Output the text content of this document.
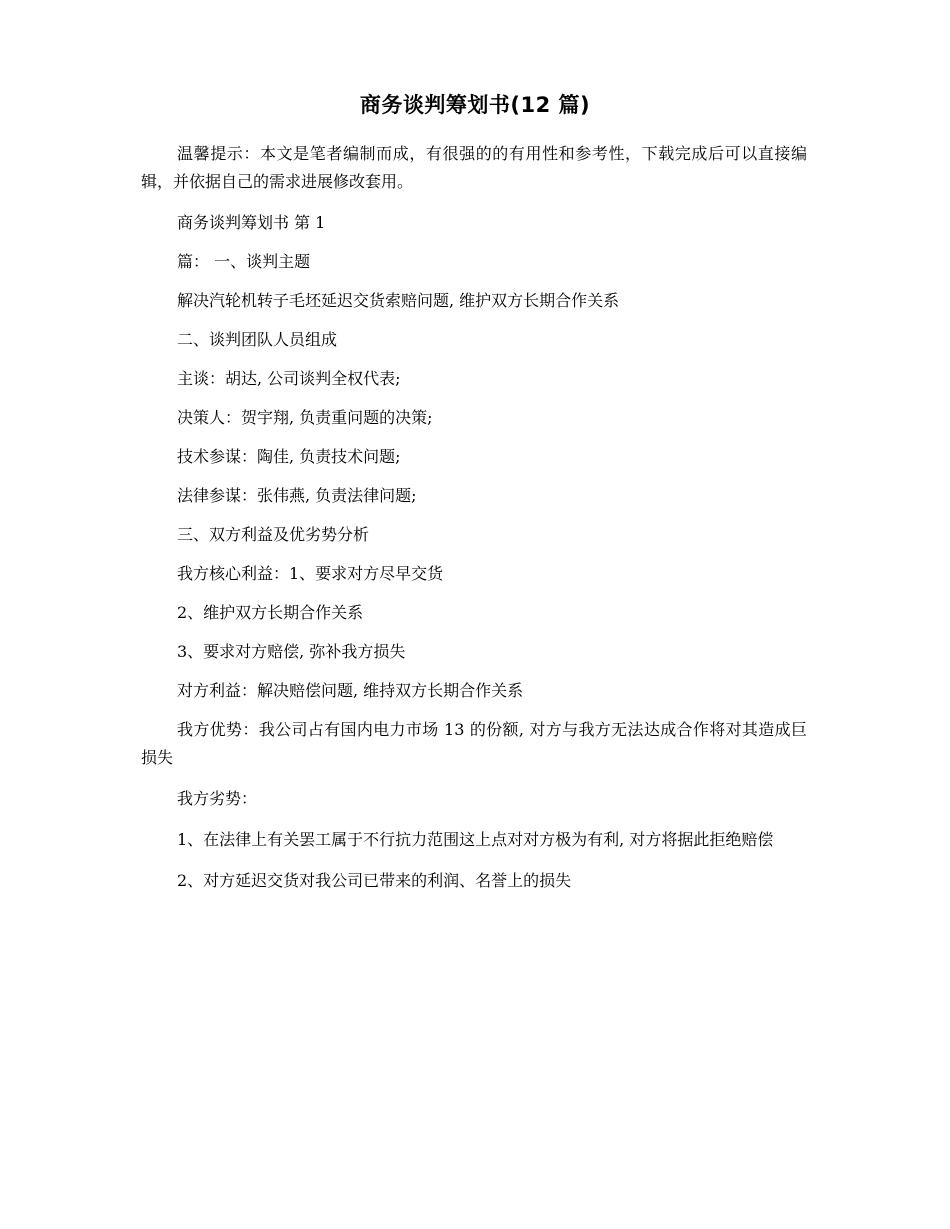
商务谈判筹划书(12 篇)

温馨提示：本文是笔者编制而成，有很强的的有用性和参考性，下载完成后可以直接编辑，并依据自己的需求进展修改套用。

商务谈判筹划书 第 1

篇： 一、谈判主题

解决汽轮机转子毛坯延迟交货索赔问题, 维护双方长期合作关系

二、谈判团队人员组成

主谈：胡达, 公司谈判全权代表;

决策人：贺宇翔, 负责重问题的决策;

技术参谋：陶佳, 负责技术问题;

法律参谋：张伟燕, 负责法律问题;

三、双方利益及优劣势分析

我方核心利益：1、要求对方尽早交货

2、维护双方长期合作关系

3、要求对方赔偿, 弥补我方损失

对方利益：解决赔偿问题, 维持双方长期合作关系

我方优势：我公司占有国内电力市场 13 的份额, 对方与我方无法达成合作将对其造成巨损失

我方劣势：

1、在法律上有关罢工属于不行抗力范围这上点对对方极为有利, 对方将据此拒绝赔偿

2、对方延迟交货对我公司已带来的利润、名誉上的损失
